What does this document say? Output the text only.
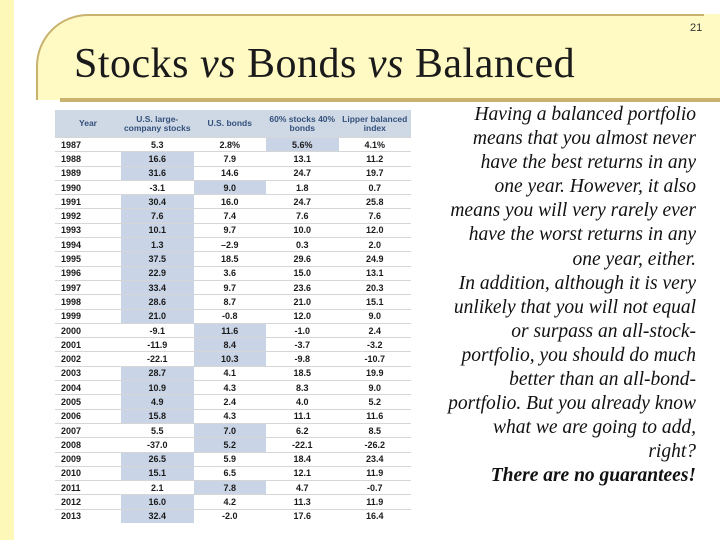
21
Stocks vs Bonds vs Balanced
Year	U.S. large-company stocks	U.S. bonds	60% stocks 40% bonds	Lipper balanced index
1987	5.3	2.8%	5.6%	4.1%
1988	16.6	7.9	13.1	11.2
1989	31.6	14.6	24.7	19.7
1990	-3.1	9.0	1.8	0.7
1991	30.4	16.0	24.7	25.8
1992	7.6	7.4	7.6	7.6
1993	10.1	9.7	10.0	12.0
1994	1.3	–2.9	0.3	2.0
1995	37.5	18.5	29.6	24.9
1996	22.9	3.6	15.0	13.1
1997	33.4	9.7	23.6	20.3
1998	28.6	8.7	21.0	15.1
1999	21.0	-0.8	12.0	9.0
2000	-9.1	11.6	-1.0	2.4
2001	-11.9	8.4	-3.7	-3.2
2002	-22.1	10.3	-9.8	-10.7
2003	28.7	4.1	18.5	19.9
2004	10.9	4.3	8.3	9.0
2005	4.9	2.4	4.0	5.2
2006	15.8	4.3	11.1	11.6
2007	5.5	7.0	6.2	8.5
2008	-37.0	5.2	-22.1	-26.2
2009	26.5	5.9	18.4	23.4
2010	15.1	6.5	12.1	11.9
2011	2.1	7.8	4.7	-0.7
2012	16.0	4.2	11.3	11.9
2013	32.4	-2.0	17.6	16.4

Having a balanced portfolio means that you almost never have the best returns in any one year. However, it also means you will very rarely ever have the worst returns in any one year, either.

In addition, although it is very unlikely that you will not equal or surpass an all-stock-portfolio, you should do much better than an all-bond-portfolio. But you already know what we are going to add, right?

There are no guarantees!
